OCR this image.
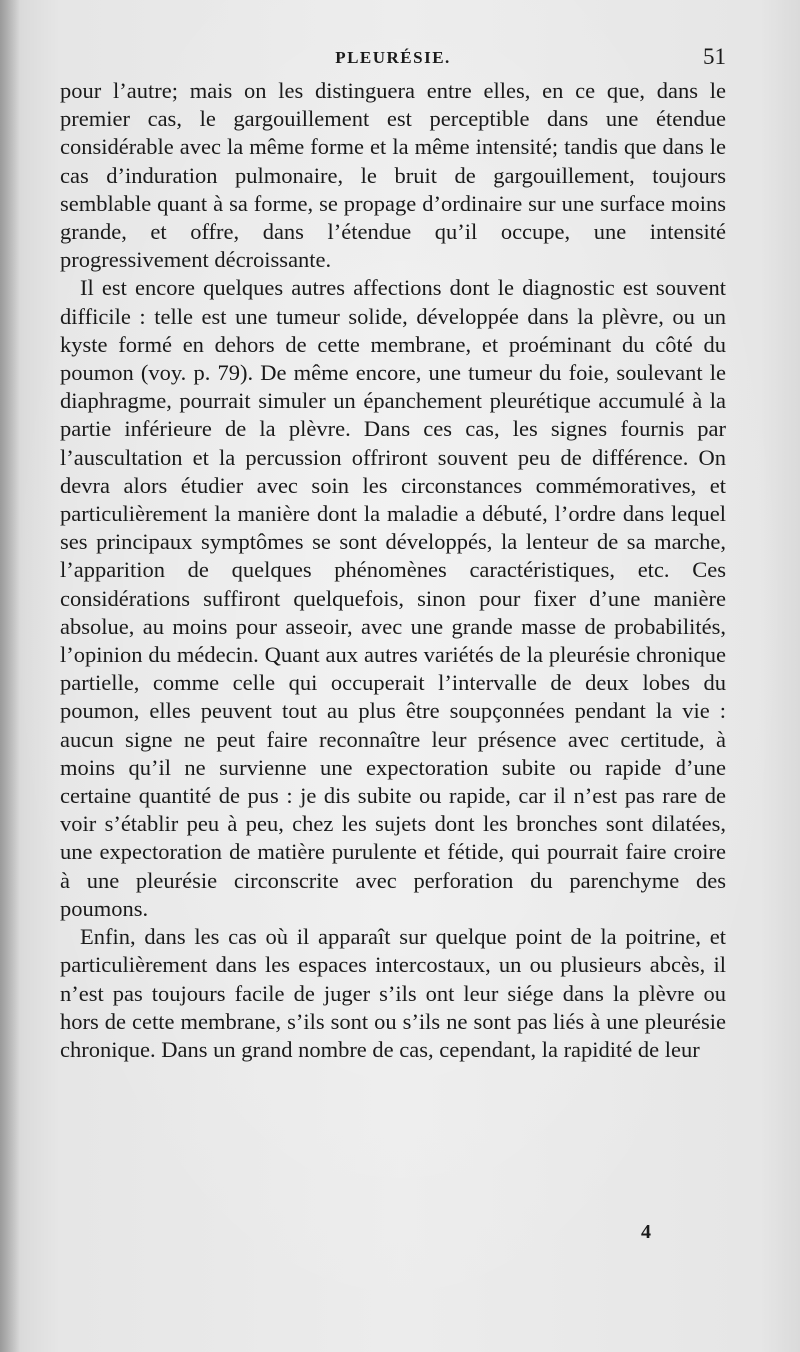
PLEURÉSIE.	51

pour l’autre; mais on les distinguera entre elles, en ce que, dans le premier cas, le gargouillement est perceptible dans une étendue considérable avec la même forme et la même intensité; tandis que dans le cas d’induration pulmonaire, le bruit de gargouillement, toujours semblable quant à sa forme, se propage d’ordinaire sur une surface moins grande, et offre, dans l’étendue qu’il occupe, une intensité progressivement décroissante.

Il est encore quelques autres affections dont le diagnostic est souvent difficile : telle est une tumeur solide, développée dans la plèvre, ou un kyste formé en dehors de cette membrane, et proéminant du côté du poumon (voy. p. 79). De même encore, une tumeur du foie, soulevant le diaphragme, pourrait simuler un épanchement pleurétique accumulé à la partie inférieure de la plèvre. Dans ces cas, les signes fournis par l’auscultation et la percussion offriront souvent peu de différence. On devra alors étudier avec soin les circonstances commémoratives, et particulièrement la manière dont la maladie a débuté, l’ordre dans lequel ses principaux symptômes se sont développés, la lenteur de sa marche, l’apparition de quelques phénomènes caractéristiques, etc. Ces considérations suffiront quelquefois, sinon pour fixer d’une manière absolue, au moins pour asseoir, avec une grande masse de probabilités, l’opinion du médecin. Quant aux autres variétés de la pleurésie chronique partielle, comme celle qui occuperait l’intervalle de deux lobes du poumon, elles peuvent tout au plus être soupçonnées pendant la vie : aucun signe ne peut faire reconnaître leur présence avec certitude, à moins qu’il ne survienne une expectoration subite ou rapide d’une certaine quantité de pus : je dis subite ou rapide, car il n’est pas rare de voir s’établir peu à peu, chez les sujets dont les bronches sont dilatées, une expectoration de matière purulente et fétide, qui pourrait faire croire à une pleurésie circonscrite avec perforation du parenchyme des poumons.

Enfin, dans les cas où il apparaît sur quelque point de la poitrine, et particulièrement dans les espaces intercostaux, un ou plusieurs abcès, il n’est pas toujours facile de juger s’ils ont leur siége dans la plèvre ou hors de cette membrane, s’ils sont ou s’ils ne sont pas liés à une pleurésie chronique. Dans un grand nombre de cas, cependant, la rapidité de leur

4
